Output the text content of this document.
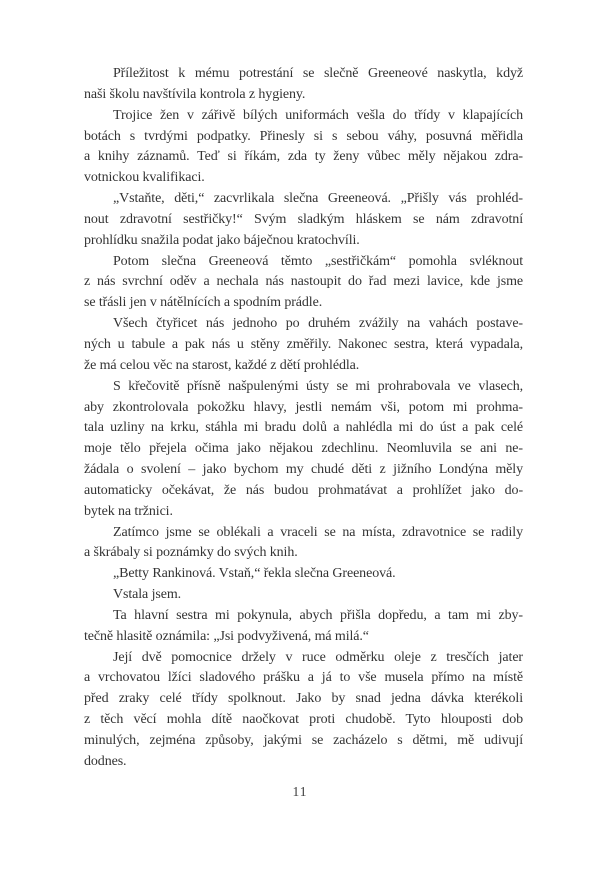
Příležitost k mému potrestání se slečně Greeneové naskytla, když
naši školu navštívila kontrola z hygieny.
Trojice žen v zářivě bílých uniformách vešla do třídy v klapajících
botách s tvrdými podpatky. Přinesly si s sebou váhy, posuvná měřidla
a knihy záznamů. Teď si říkám, zda ty ženy vůbec měly nějakou zdra-
votnickou kvalifikaci.
„Vstaňte, děti,“ zacvrlikala slečna Greeneová. „Přišly vás prohléd-
nout zdravotní sestřičky!“ Svým sladkým hláskem se nám zdravotní
prohlídku snažila podat jako báječnou kratochvíli.
Potom slečna Greeneová těmto „sestřičkám“ pomohla svléknout
z nás svrchní oděv a nechala nás nastoupit do řad mezi lavice, kde jsme
se třásli jen v nátělnících a spodním prádle.
Všech čtyřicet nás jednoho po druhém zvážily na vahách postave-
ných u tabule a pak nás u stěny změřily. Nakonec sestra, která vypadala,
že má celou věc na starost, každé z dětí prohlédla.
S křečovitě přísně našpulenými ústy se mi prohrabovala ve vlasech,
aby zkontrolovala pokožku hlavy, jestli nemám vši, potom mi prohma-
tala uzliny na krku, stáhla mi bradu dolů a nahlédla mi do úst a pak celé
moje tělo přejela očima jako nějakou zdechlinu. Neomluvila se ani ne-
žádala o svolení – jako bychom my chudé děti z jižního Londýna měly
automaticky očekávat, že nás budou prohmatávat a prohlížet jako do-
bytek na tržnici.
Zatímco jsme se oblékali a vraceli se na místa, zdravotnice se radily
a škrábaly si poznámky do svých knih.
„Betty Rankinová. Vstaň,“ řekla slečna Greeneová.
Vstala jsem.
Ta hlavní sestra mi pokynula, abych přišla dopředu, a tam mi zby-
tečně hlasitě oznámila: „Jsi podvyživená, má milá.“
Její dvě pomocnice držely v ruce odměrku oleje z tresčích jater
a vrchovatou lžíci sladového prášku a já to vše musela přímo na místě
před zraky celé třídy spolknout. Jako by snad jedna dávka kterékoli
z těch věcí mohla dítě naočkovat proti chudobě. Tyto hlouposti dob
minulých, zejména způsoby, jakými se zacházelo s dětmi, mě udivují
dodnes.
11
